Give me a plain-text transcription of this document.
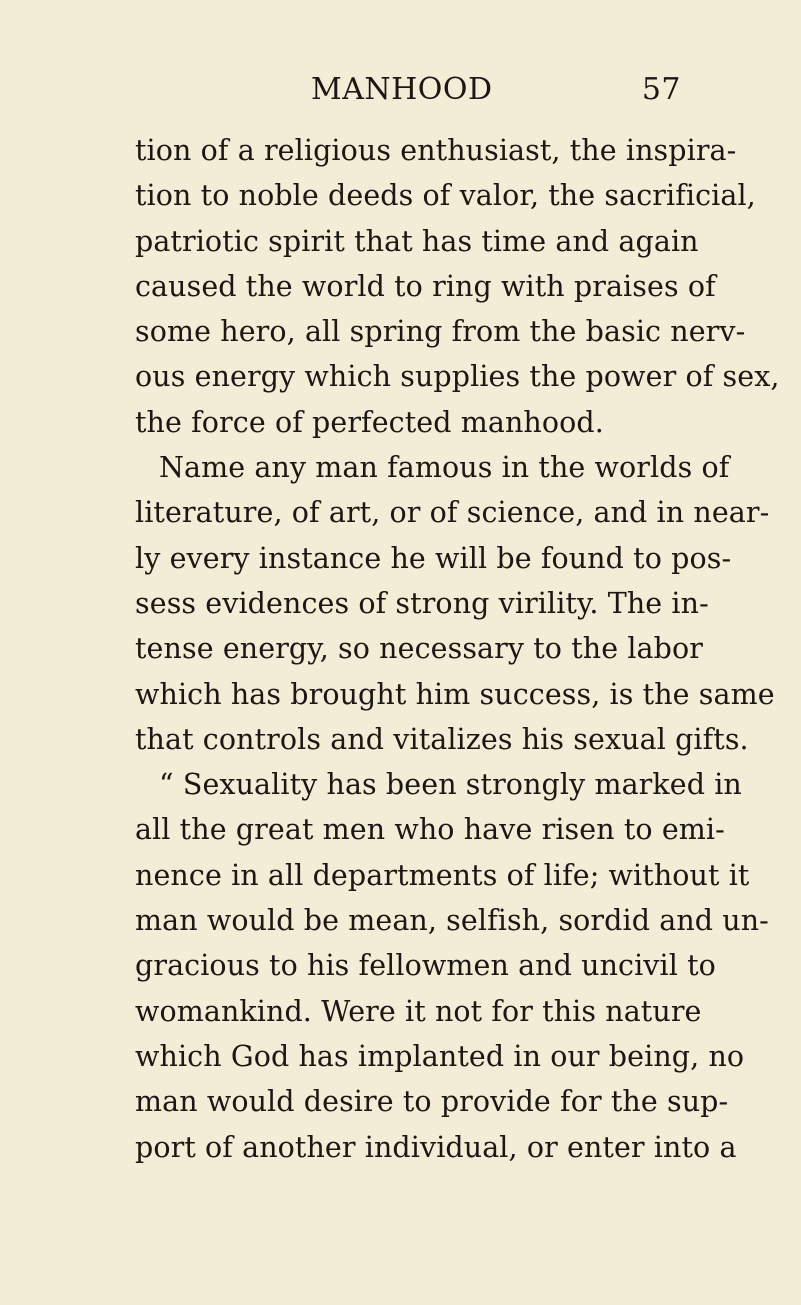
MANHOOD	57
tion of a religious enthusiast, the inspira-
tion to noble deeds of valor, the sacrificial,
patriotic spirit that has time and again
caused the world to ring with praises of
some hero, all spring from the basic nerv-
ous energy which supplies the power of sex,
the force of perfected manhood.
Name any man famous in the worlds of
literature, of art, or of science, and in near-
ly every instance he will be found to pos-
sess evidences of strong virility. The in-
tense energy, so necessary to the labor
which has brought him success, is the same
that controls and vitalizes his sexual gifts.
“ Sexuality has been strongly marked in
all the great men who have risen to emi-
nence in all departments of life; without it
man would be mean, selfish, sordid and un-
gracious to his fellowmen and uncivil to
womankind. Were it not for this nature
which God has implanted in our being, no
man would desire to provide for the sup-
port of another individual, or enter into a
